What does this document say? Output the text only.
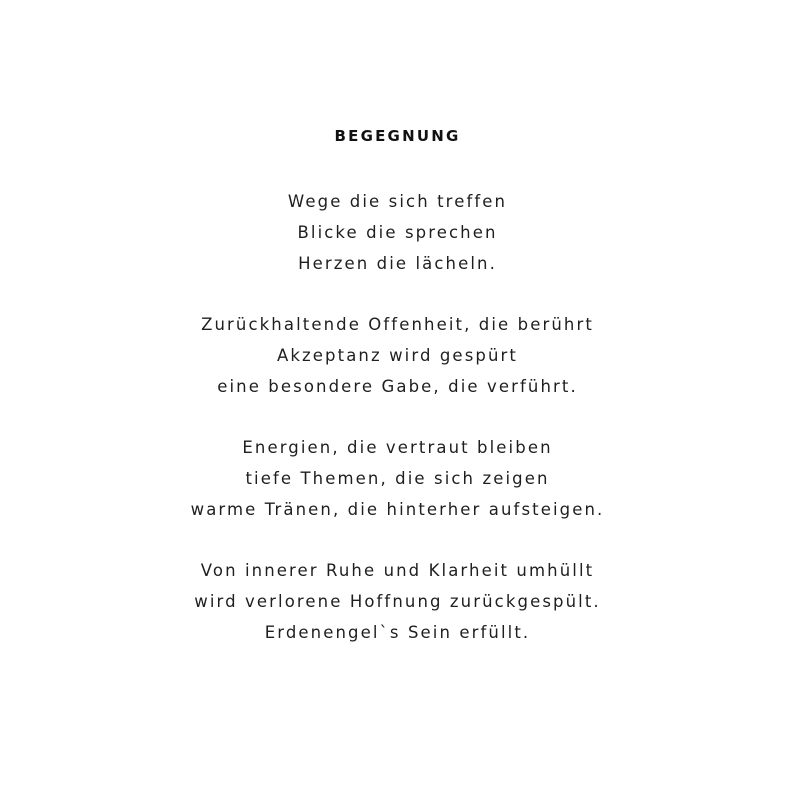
BEGEGNUNG
Wege die sich treffen
Blicke die sprechen
Herzen die lächeln.
Zurückhaltende Offenheit, die berührt
Akzeptanz wird gespürt
eine besondere Gabe, die verführt.
Energien, die vertraut bleiben
tiefe Themen, die sich zeigen
warme Tränen, die hinterher aufsteigen.
Von innerer Ruhe und Klarheit umhüllt
wird verlorene Hoffnung zurückgespült.
Erdenengel`s Sein erfüllt.
